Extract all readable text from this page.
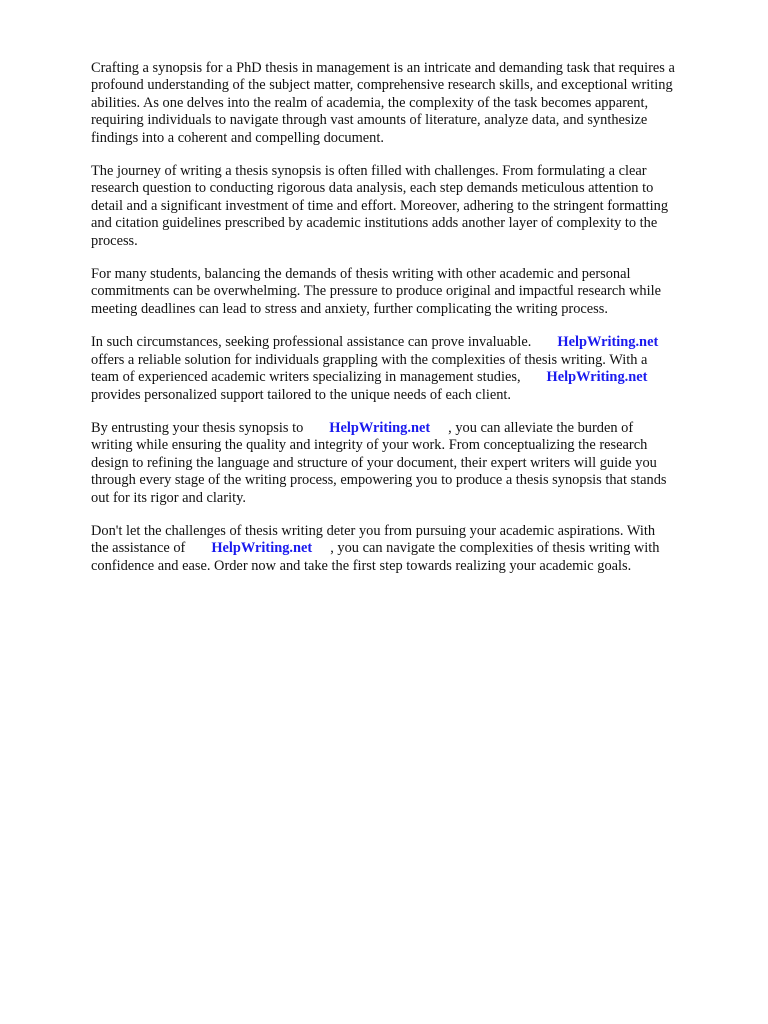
Crafting a synopsis for a PhD thesis in management is an intricate and demanding task that requires a
profound understanding of the subject matter, comprehensive research skills, and exceptional writing
abilities. As one delves into the realm of academia, the complexity of the task becomes apparent,
requiring individuals to navigate through vast amounts of literature, analyze data, and synthesize
findings into a coherent and compelling document.

The journey of writing a thesis synopsis is often filled with challenges. From formulating a clear
research question to conducting rigorous data analysis, each step demands meticulous attention to
detail and a significant investment of time and effort. Moreover, adhering to the stringent formatting
and citation guidelines prescribed by academic institutions adds another layer of complexity to the
process.

For many students, balancing the demands of thesis writing with other academic and personal
commitments can be overwhelming. The pressure to produce original and impactful research while
meeting deadlines can lead to stress and anxiety, further complicating the writing process.

In such circumstances, seeking professional assistance can prove invaluable. HelpWriting.net
offers a reliable solution for individuals grappling with the complexities of thesis writing. With a
team of experienced academic writers specializing in management studies, HelpWriting.net
provides personalized support tailored to the unique needs of each client.

By entrusting your thesis synopsis to HelpWriting.net , you can alleviate the burden of
writing while ensuring the quality and integrity of your work. From conceptualizing the research
design to refining the language and structure of your document, their expert writers will guide you
through every stage of the writing process, empowering you to produce a thesis synopsis that stands
out for its rigor and clarity.

Don't let the challenges of thesis writing deter you from pursuing your academic aspirations. With
the assistance of HelpWriting.net , you can navigate the complexities of thesis writing with
confidence and ease. Order now and take the first step towards realizing your academic goals.
